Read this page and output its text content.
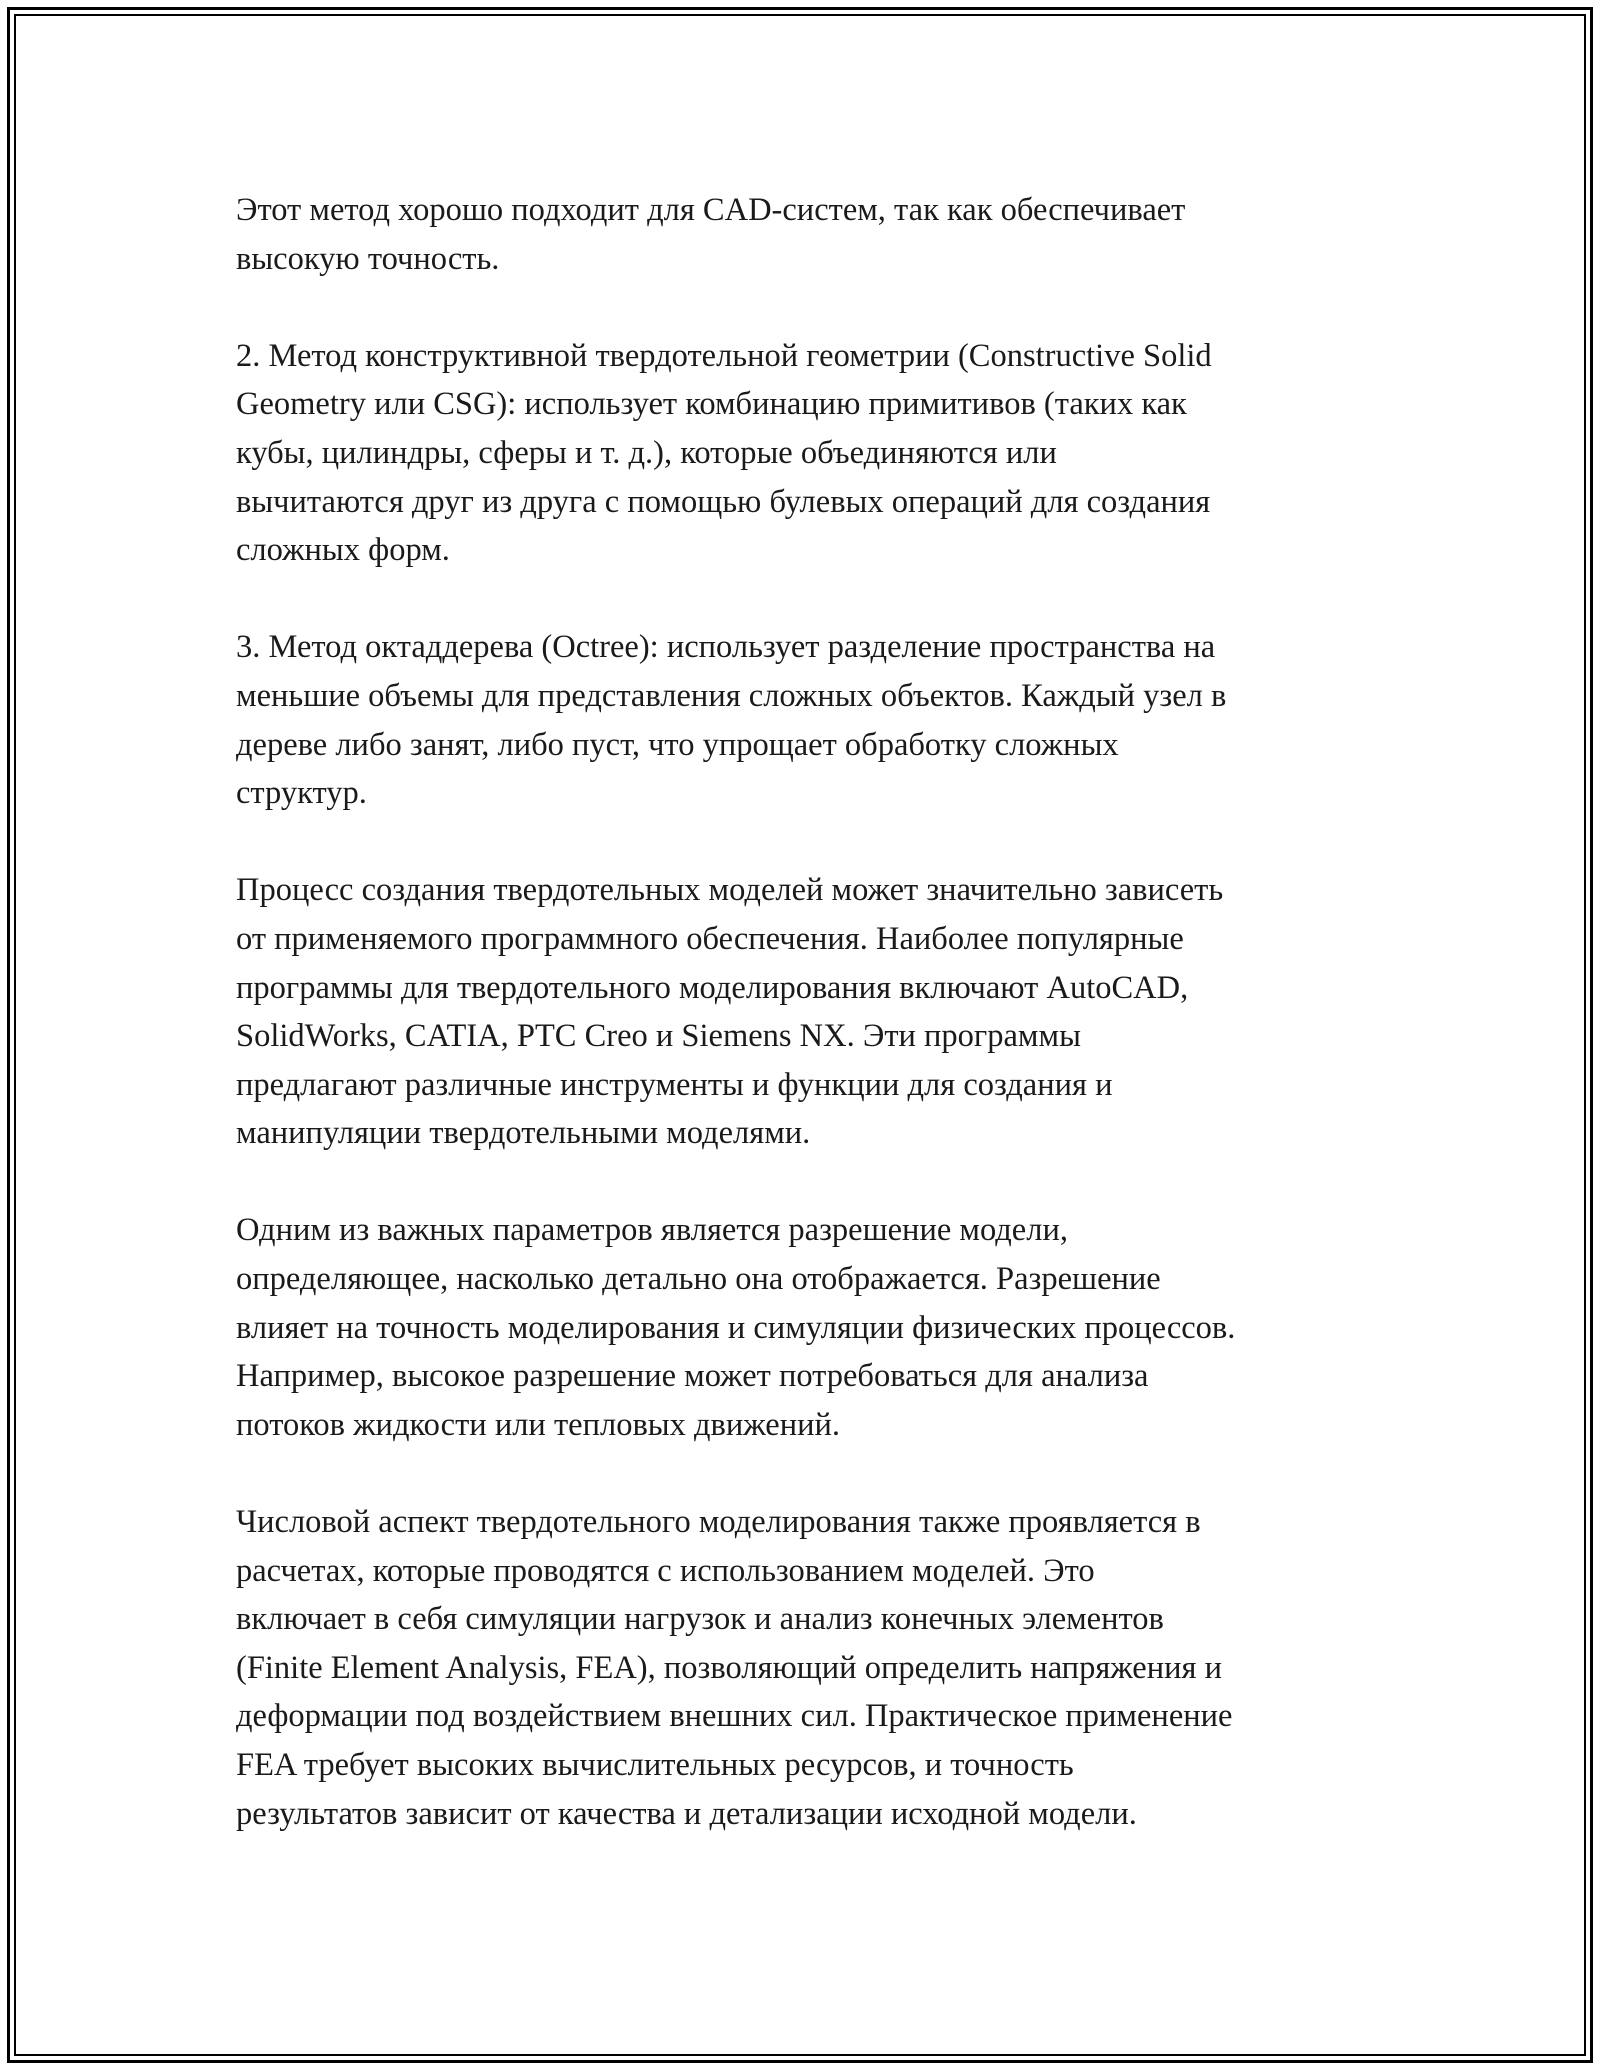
Этот метод хорошо подходит для CAD-систем, так как обеспечивает
высокую точность.

2. Метод конструктивной твердотельной геометрии (Constructive Solid
Geometry или CSG): использует комбинацию примитивов (таких как
кубы, цилиндры, сферы и т. д.), которые объединяются или
вычитаются друг из друга с помощью булевых операций для создания
сложных форм.

3. Метод октаддерева (Octree): использует разделение пространства на
меньшие объемы для представления сложных объектов. Каждый узел в
дереве либо занят, либо пуст, что упрощает обработку сложных
структур.

Процесс создания твердотельных моделей может значительно зависеть
от применяемого программного обеспечения. Наиболее популярные
программы для твердотельного моделирования включают AutoCAD,
SolidWorks, CATIA, PTC Creo и Siemens NX. Эти программы
предлагают различные инструменты и функции для создания и
манипуляции твердотельными моделями.

Одним из важных параметров является разрешение модели,
определяющее, насколько детально она отображается. Разрешение
влияет на точность моделирования и симуляции физических процессов.
Например, высокое разрешение может потребоваться для анализа
потоков жидкости или тепловых движений.

Числовой аспект твердотельного моделирования также проявляется в
расчетах, которые проводятся с использованием моделей. Это
включает в себя симуляции нагрузок и анализ конечных элементов
(Finite Element Analysis, FEA), позволяющий определить напряжения и
деформации под воздействием внешних сил. Практическое применение
FEA требует высоких вычислительных ресурсов, и точность
результатов зависит от качества и детализации исходной модели.
